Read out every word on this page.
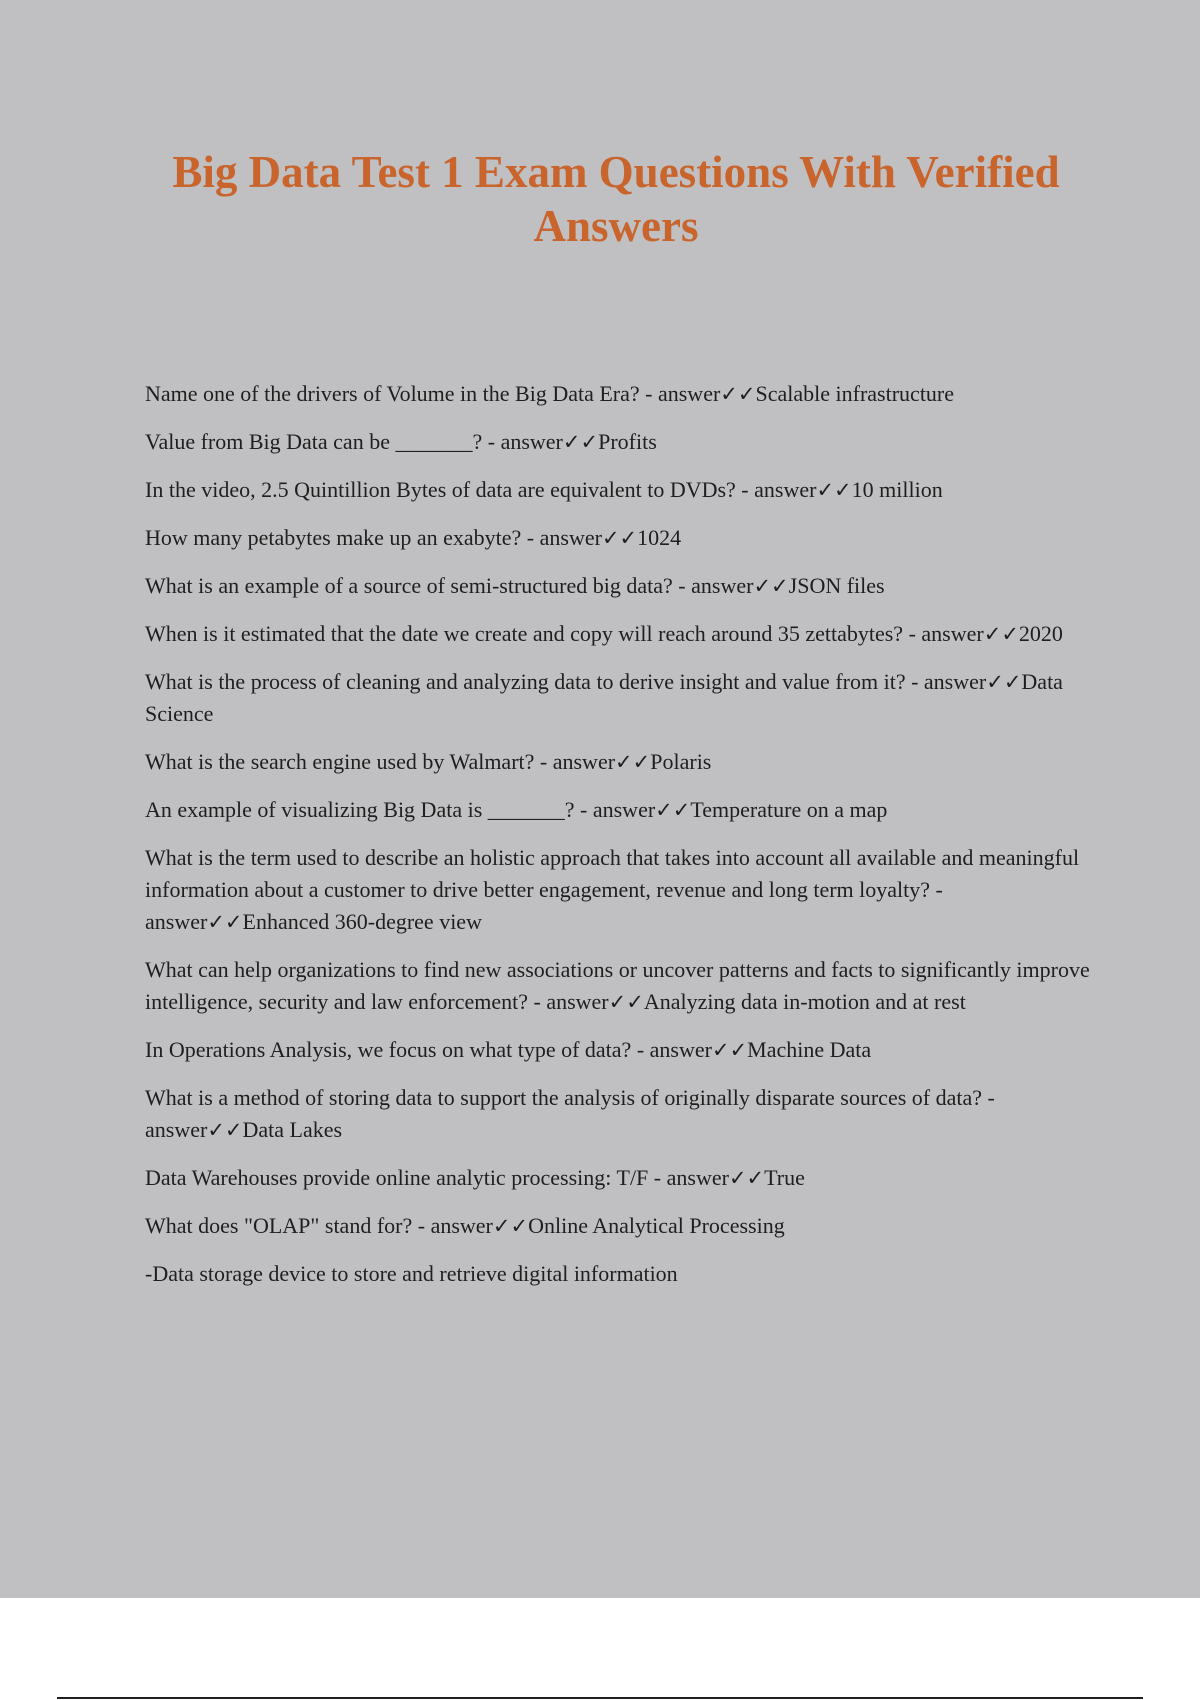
Big Data Test 1 Exam Questions With Verified Answers
Name one of the drivers of Volume in the Big Data Era? - answer✓✓Scalable infrastructure
Value from Big Data can be _______? - answer✓✓Profits
In the video, 2.5 Quintillion Bytes of data are equivalent to DVDs? - answer✓✓10 million
How many petabytes make up an exabyte? - answer✓✓1024
What is an example of a source of semi-structured big data? - answer✓✓JSON files
When is it estimated that the date we create and copy will reach around 35 zettabytes? - answer✓✓2020
What is the process of cleaning and analyzing data to derive insight and value from it? - answer✓✓Data Science
What is the search engine used by Walmart? - answer✓✓Polaris
An example of visualizing Big Data is _______? - answer✓✓Temperature on a map
What is the term used to describe an holistic approach that takes into account all available and meaningful information about a customer to drive better engagement, revenue and long term loyalty? - answer✓✓Enhanced 360-degree view
What can help organizations to find new associations or uncover patterns and facts to significantly improve intelligence, security and law enforcement? - answer✓✓Analyzing data in-motion and at rest
In Operations Analysis, we focus on what type of data? - answer✓✓Machine Data
What is a method of storing data to support the analysis of originally disparate sources of data? - answer✓✓Data Lakes
Data Warehouses provide online analytic processing: T/F - answer✓✓True
What does "OLAP" stand for? - answer✓✓Online Analytical Processing
-Data storage device to store and retrieve digital information
